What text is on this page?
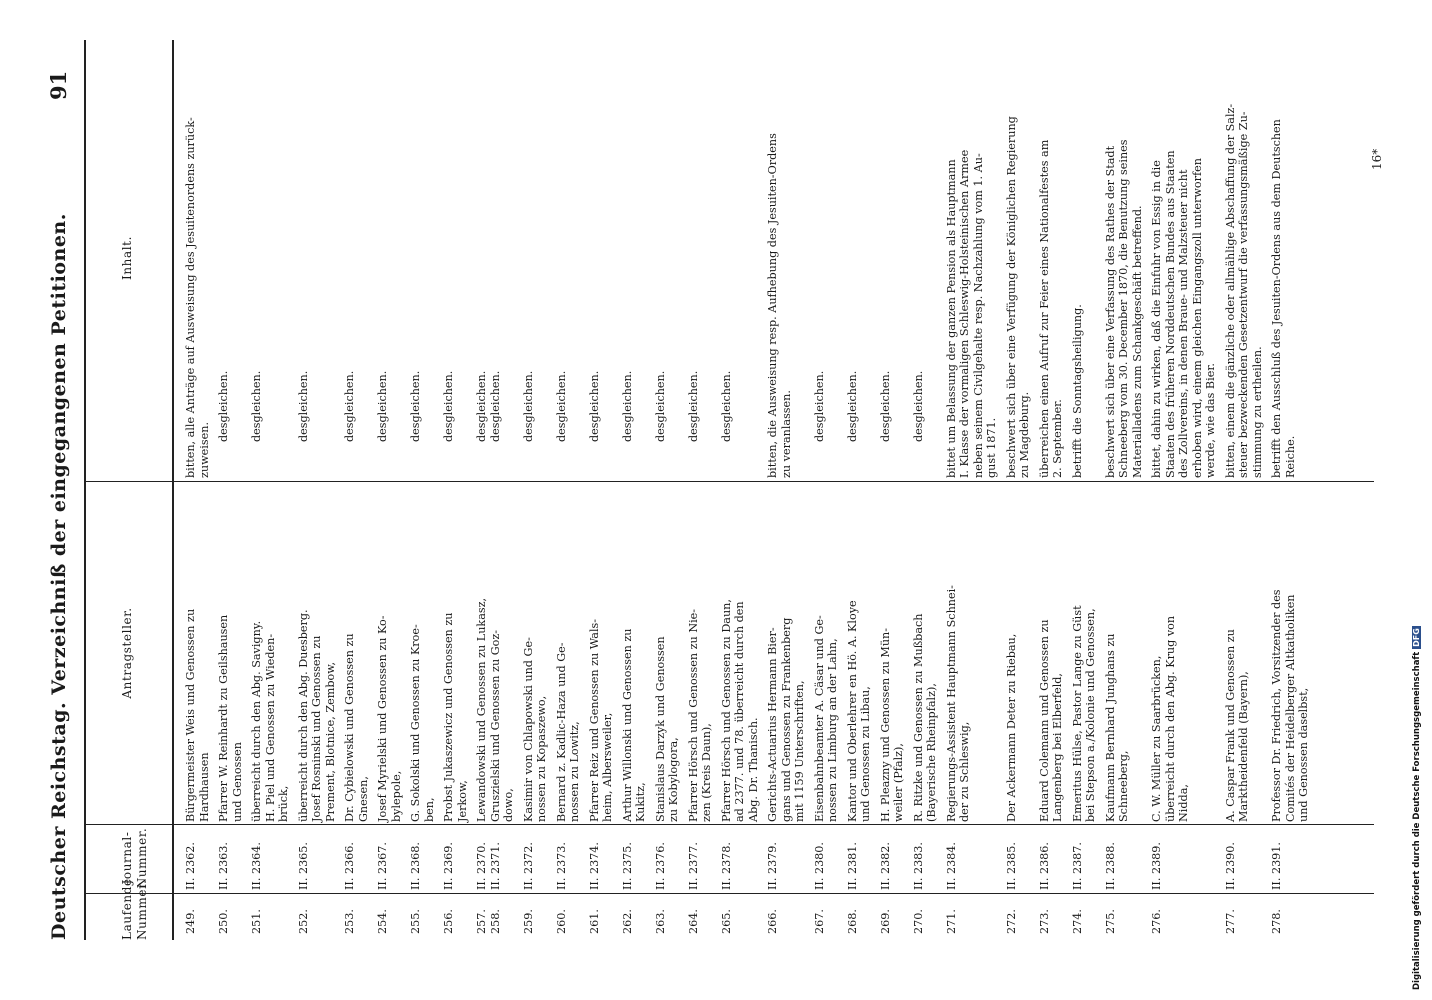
Deutscher Reichstag. Verzeichniß der eingegangenen Petitionen.
91
Laufende
Nummer.
Journal-
Nummer.
Antragsteller.
Inhalt.
249.
II. 2362.
Bürgermeister Weis und Genossen zu
Hardhausen
bitten, alle Anträge auf Ausweisung des Jesuitenordens zurück-
zuweisen.
250.
II. 2363.
Pfarrer W. Reinhardt zu Geilshausen
und Genossen
desgleichen.
251.
II. 2364.
überreicht durch den Abg. Savigny.
H. Piel und Genossen zu Wieden-
brück,
desgleichen.
252.
II. 2365.
überreicht durch den Abg. Duesberg.
Josef Rosninski und Genossen zu
Prement, Blotnice, Zembow,
desgleichen.
253.
II. 2366.
Dr. Cybielowski und Genossen zu
Gnesen,
desgleichen.
254.
II. 2367.
Josef Myrielski und Genossen zu Ko-
bylepole,
desgleichen.
255.
II. 2368.
G. Sokolski und Genossen zu Kroe-
ben,
desgleichen.
256.
II. 2369.
Probst Jukaszewicz und Genossen zu
Jerkow,
desgleichen.
257.
258.
II. 2370.
II. 2371.
Lewandowski und Genossen zu Lukasz,
Gruszielski und Genossen zu Goz-
dowo,
desgleichen.
desgleichen.
259.
II. 2372.
Kasimir von Chlapowski und Ge-
nossen zu Kopaszewo,
desgleichen.
260.
II. 2373.
Bernard z. Kadlic-Haza und Ge-
nossen zu Lowitz,
desgleichen.
261.
II. 2374.
Pfarrer Reiz und Genossen zu Wals-
heim, Albersweiler,
desgleichen.
262.
II. 2375.
Arthur Willonski und Genossen zu
Kukitz,
desgleichen.
263.
II. 2376.
Stanislaus Darzyk und Genossen
zu Kobylogora,
desgleichen.
264.
II. 2377.
Pfarrer Hörsch und Genossen zu Nie-
zen (Kreis Daun),
desgleichen.
265.
II. 2378.
Pfarrer Hörsch und Genossen zu Daun,
ad 2377. und 78. überreicht durch den
Abg. Dr. Thanisch.
desgleichen.
266.
II. 2379.
Gerichts-Actuarius Hermann Bier-
gans und Genossen zu Frankenberg
mit 1159 Unterschriften,
bitten, die Ausweisung resp. Aufhebung des Jesuiten-Ordens
zu veranlassen.
267.
II. 2380.
Eisenbahnbeamter A. Cäsar und Ge-
nossen zu Limburg an der Lahn,
desgleichen.
268.
II. 2381.
Kantor und Oberlehrer en Hö. A. Kloye
und Genossen zu Libau,
desgleichen.
269.
II. 2382.
H. Pleazny und Genossen zu Mün-
weiler (Pfalz),
desgleichen.
270.
II. 2383.
R. Ritzke und Genossen zu Mußbach
(Bayerische Rheinpfalz),
desgleichen.
271.
II. 2384.
Regierungs-Assistent Hauptmann Schnei-
der zu Schleswig,
bittet um Belassung der ganzen Pension als Hauptmann
I. Klasse der vormaligen Schleswig-Holsteinischen Armee
neben seinem Civilgehalte resp. Nachzahlung vom 1. Au-
gust 1871.
272.
II. 2385.
Der Ackermann Deter zu Riebau,
beschwert sich über eine Verfügung der Königlichen Regierung
zu Magdeburg.
273.
II. 2386.
Eduard Colemann und Genossen zu
Langenberg bei Elberfeld,
überreichen einen Aufruf zur Feier eines Nationalfestes am
2. September.
274.
II. 2387.
Emeritus Hülse, Pastor Lange zu Güst
bei Stepson a./Kolonie und Genossen,
betrifft die Sonntagsheiligung.
275.
II. 2388.
Kaufmann Bernhard Junghans zu
Schneeberg,
beschwert sich über eine Verfassung des Rathes der Stadt
Schneeberg vom 30. December 1870, die Benutzung seines
Materialladens zum Schankgeschäft betreffend.
276.
II. 2389.
C. W. Müller zu Saarbrücken,
überreicht durch den Abg. Krug von
Nidda,
bittet, dahin zu wirken, daß die Einfuhr von Essig in die
Staaten des früheren Norddeutschen Bundes aus Staaten
des Zollvereins, in denen Braue- und Malzsteuer nicht
erhoben wird, einem gleichen Eingangszoll unterworfen
werde, wie das Bier.
277.
II. 2390.
A. Caspar Frank und Genossen zu
Marktheidenfeld (Bayern),
bitten, einem die gänzliche oder allmählige Abschaffung der Salz-
steuer bezweckenden Gesetzentwurf die verfassungsmäßige Zu-
stimmung zu ertheilen.
278.
II. 2391.
Professor Dr. Friedrich, Vorsitzender des
Comités der Heidelberger Altkatholiken
und Genossen daselbst,
betrifft den Ausschluß des Jesuiten-Ordens aus dem Deutschen
Reiche.
16*
Digitalisierung gefördert durch die Deutsche Forschungsgemeinschaft DFG
